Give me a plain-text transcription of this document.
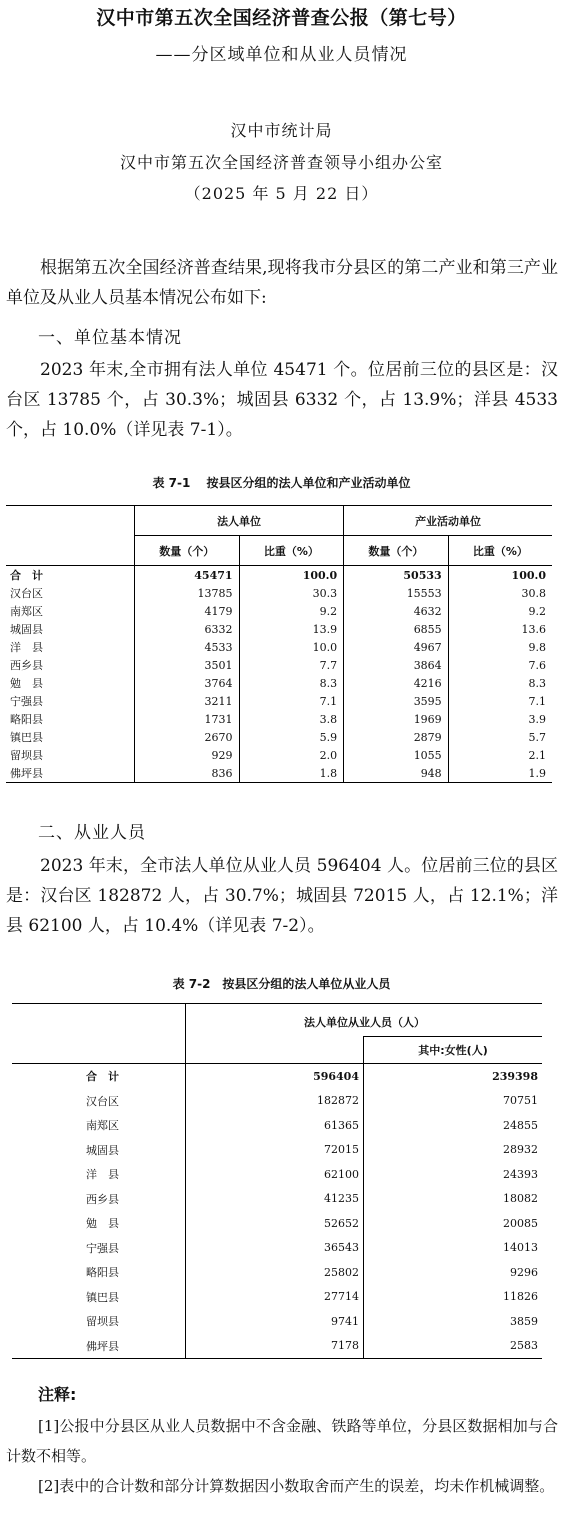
汉中市第五次全国经济普查公报（第七号）
——分区域单位和从业人员情况
汉中市统计局
汉中市第五次全国经济普查领导小组办公室
（2025 年 5 月 22 日）
根据第五次全国经济普查结果,现将我市分县区的第二产业和第三产业单位及从业人员基本情况公布如下:
一、单位基本情况
2023 年末,全市拥有法人单位 45471 个。位居前三位的县区是：汉台区 13785 个，占 30.3%；城固县 6332 个，占 13.9%；洋县 4533 个，占 10.0%（详见表 7-1）。
表 7-1　 按县区分组的法人单位和产业活动单位
	法人单位		产业活动单位	
	数量（个）	比重（%）	数量（个）	比重（%）
合　计	45471	100.0	50533	100.0
汉台区	13785	30.3	15553	30.8
南郑区	4179	9.2	4632	9.2
城固县	6332	13.9	6855	13.6
洋　县	4533	10.0	4967	9.8
西乡县	3501	7.7	3864	7.6
勉　县	3764	8.3	4216	8.3
宁强县	3211	7.1	3595	7.1
略阳县	1731	3.8	1969	3.9
镇巴县	2670	5.9	2879	5.7
留坝县	929	2.0	1055	2.1
佛坪县	836	1.8	948	1.9
二、从业人员
2023 年末，全市法人单位从业人员 596404 人。位居前三位的县区是：汉台区 182872 人，占 30.7%；城固县 72015 人，占 12.1%；洋县 62100 人，占 10.4%（详见表 7-2）。
表 7-2　按县区分组的法人单位从业人员
	法人单位从业人员（人）	
		其中:女性(人)
合　计	596404	239398
汉台区	182872	70751
南郑区	61365	24855
城固县	72015	28932
洋　县	62100	24393
西乡县	41235	18082
勉　县	52652	20085
宁强县	36543	14013
略阳县	25802	9296
镇巴县	27714	11826
留坝县	9741	3859
佛坪县	7178	2583
注释:
[1]公报中分县区从业人员数据中不含金融、铁路等单位，分县区数据相加与合计数不相等。
[2]表中的合计数和部分计算数据因小数取舍而产生的误差，均未作机械调整。
